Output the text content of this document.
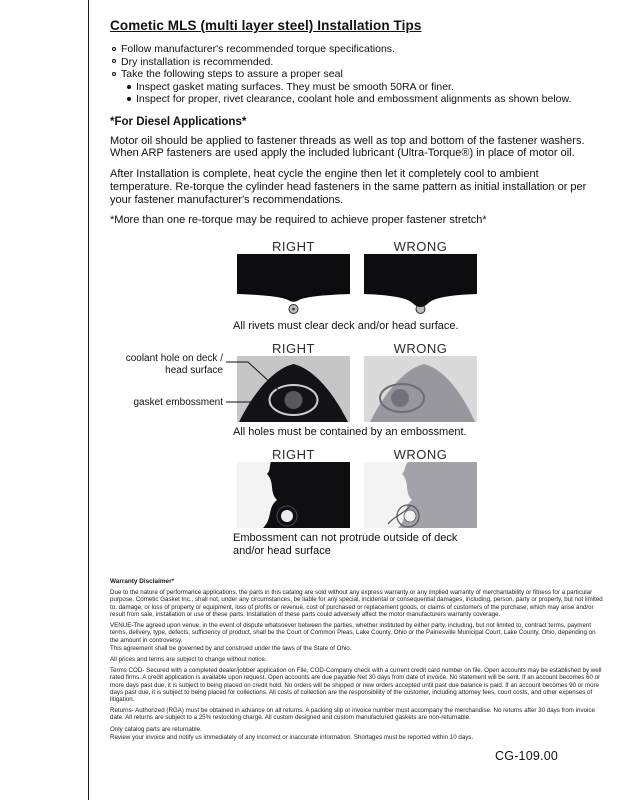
Cometic MLS (multi layer steel) Installation Tips
Follow manufacturer's recommended torque specifications.
Dry installation is recommended.
Take the following steps to assure a proper seal
Inspect gasket mating surfaces. They must be smooth 50RA or finer.
Inspect for proper, rivet clearance, coolant hole and embossment alignments as shown below.
*For Diesel Applications*

Motor oil should be applied to fastener threads as well as top and bottom of the fastener washers. When ARP fasteners are used apply the included lubricant (Ultra-Torque®) in place of motor oil.

After Installation is complete, heat cycle the engine then let it completely cool to ambient temperature. Re-torque the cylinder head fasteners in the same pattern as initial installation or per your fastener manufacturer's recommendations.

*More than one re-torque may be required to achieve proper fastener stretch*

RIGHT	WRONG
All rivets must clear deck and/or head surface.
coolant hole on deck / head surface
gasket embossment
RIGHT	WRONG
All holes must be contained by an embossment.
RIGHT	WRONG
Embossment can not protrude outside of deck and/or head surface
Warranty Disclaimer*

Due to the nature of performance applications, the parts in this catalog are sold without any express warranty or any implied warranty of merchantability or fitness for a particular purpose. Cometic Gasket Inc., shall not, under any circumstances, be liable for any special, incidental or consequential damages, including, person, party or property, but not limited to, damage, or loss of property or equipment, loss of profits or revenue, cost of purchased or replacement goods, or claims of customers of the purchase, which may arise and/or result from sale, installation or use of these parts. Installation of these parts could adversely affect the motor manufacturers warranty coverage.

VENUE-The agreed upon venue, in the event of dispute whatsoever between the parties, whether instituted by either party, including, but not limited to, contract terms, payment terms, delivery, type, defects, sufficiency of product, shall be the Court of Common Pleas, Lake County, Ohio or the Painesville Municipal Court, Lake County, Ohio, depending on the amount in controversy.

This agreement shall be governed by and construed under the laws of the State of Ohio.

All prices and terms are subject to change without notice.

Terms COD- Secured with a completed dealer/jobber application on File, COD-Company check with a current credit card number on file. Open accounts may be established by well rated firms. A credit application is available upon request. Open accounts are due payable Net 30 days from date of invoice. No statement will be sent. If an account becomes 60 or more days past due, it is subject to being placed on credit hold. No orders will be shipped or new orders accepted until past due balance is paid. If an account becomes 90 or more days past due, it is subject to being placed for collections. All costs of collection are the responsibility of the customer, including attorney fees, court costs, and other expenses of litigation.

Returns- Authorized (RGA) must be obtained in advance on all returns. A packing slip or invoice number must accompany the merchandise. No returns after 30 days from invoice date. All returns are subject to a 25% restocking charge. All custom designed and custom manufactured gaskets are non-returnable.

Only catalog parts are returnable.

Review your invoice and notify us immediately of any incorrect or inaccurate information. Shortages must be reported within 10 days.

CG-109.00
